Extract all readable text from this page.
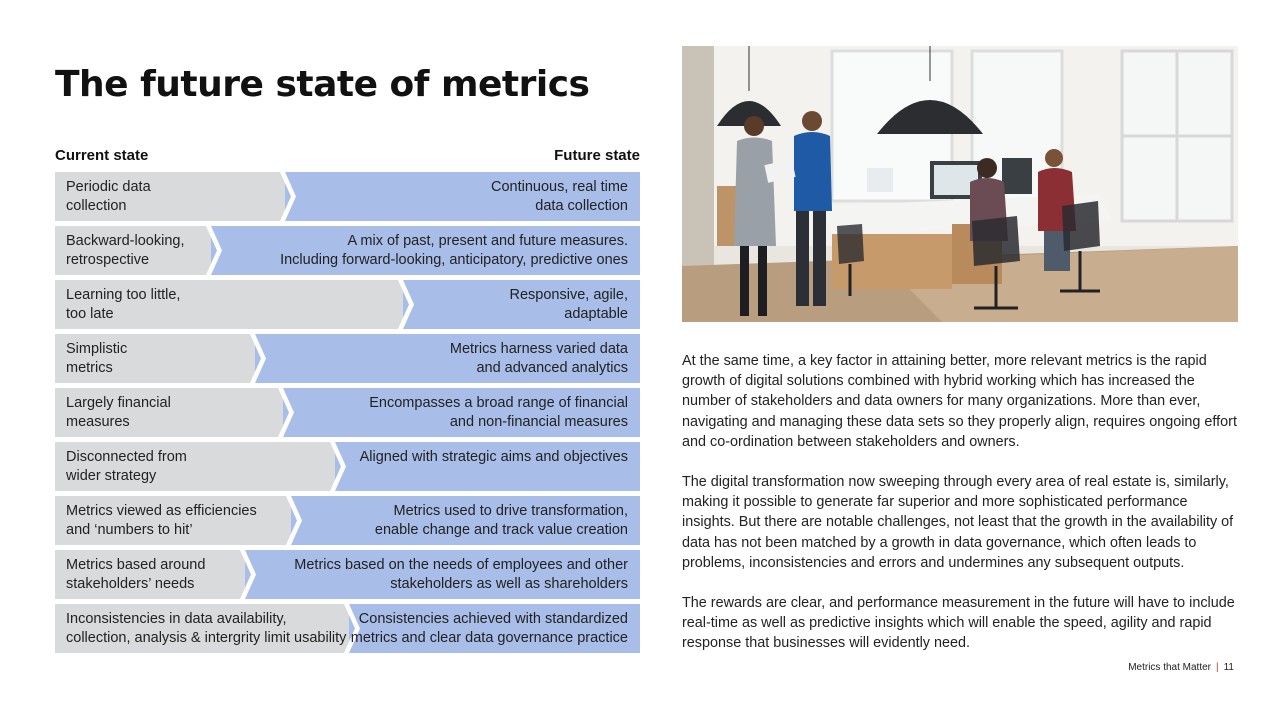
The future state of metrics
Current state	Future state
Periodic data
collection
Continuous, real time
data collection
Backward-looking,
retrospective
A mix of past, present and future measures.
Including forward-looking, anticipatory, predictive ones
Learning too little,
too late
Responsive, agile,
adaptable
Simplistic
metrics
Metrics harness varied data
and advanced analytics
Largely financial
measures
Encompasses a broad range of financial
and non-financial measures
Disconnected from
wider strategy
Aligned with strategic aims and objectives
Metrics viewed as efficiencies
and ‘numbers to hit’
Metrics used to drive transformation,
enable change and track value creation
Metrics based around
stakeholders’ needs
Metrics based on the needs of employees and other
stakeholders as well as shareholders
Inconsistencies in data availability,
collection, analysis & intergrity limit usability
Consistencies achieved with standardized
metrics and clear data governance practice

At the same time, a key factor in attaining better, more relevant metrics is the rapid growth of digital solutions combined with hybrid working which has increased the number of stakeholders and data owners for many organizations. More than ever, navigating and managing these data sets so they properly align, requires ongoing effort and co-ordination between stakeholders and owners.

The digital transformation now sweeping through every area of real estate is, similarly, making it possible to generate far superior and more sophisticated performance insights. But there are notable challenges, not least that the growth in the availability of data has not been matched by a growth in data governance, which often leads to problems, inconsistencies and errors and undermines any subsequent outputs.

The rewards are clear, and performance measurement in the future will have to include real-time as well as predictive insights which will enable the speed, agility and rapid response that businesses will evidently need.

Metrics that Matter | 11
